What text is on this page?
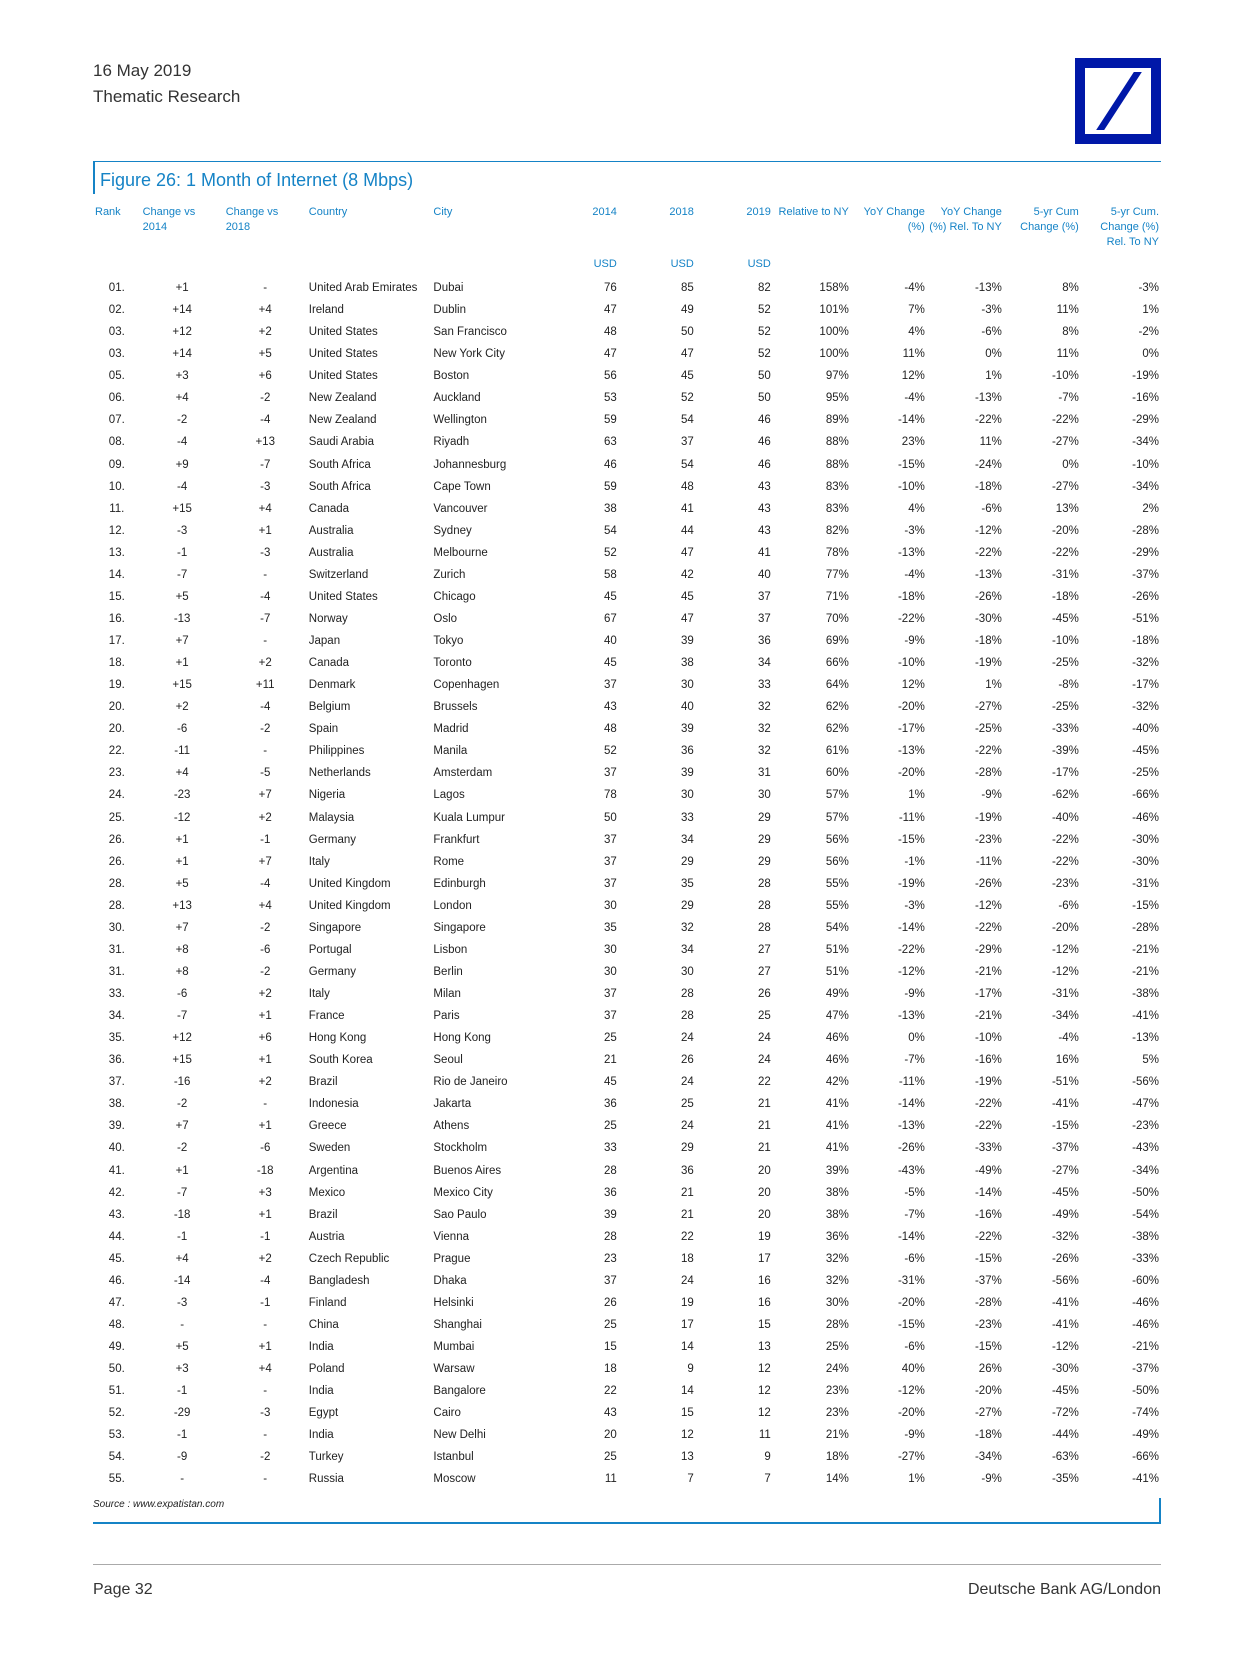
16 May 2019
Thematic Research
Figure 26: 1 Month of Internet (8 Mbps)
Rank	Change vs 2014	Change vs 2018	Country	City	2014	2018	2019	Relative to NY	YoY Change (%)	YoY Change (%) Rel. To NY	5-yr Cum Change (%)	5-yr Cum. Change (%) Rel. To NY
					USD	USD	USD					
01.	+1	-	United Arab Emirates	Dubai	76	85	82	158%	-4%	-13%	8%	-3%
02.	+14	+4	Ireland	Dublin	47	49	52	101%	7%	-3%	11%	1%
03.	+12	+2	United States	San Francisco	48	50	52	100%	4%	-6%	8%	-2%
03.	+14	+5	United States	New York City	47	47	52	100%	11%	0%	11%	0%
05.	+3	+6	United States	Boston	56	45	50	97%	12%	1%	-10%	-19%
06.	+4	-2	New Zealand	Auckland	53	52	50	95%	-4%	-13%	-7%	-16%
07.	-2	-4	New Zealand	Wellington	59	54	46	89%	-14%	-22%	-22%	-29%
08.	-4	+13	Saudi Arabia	Riyadh	63	37	46	88%	23%	11%	-27%	-34%
09.	+9	-7	South Africa	Johannesburg	46	54	46	88%	-15%	-24%	0%	-10%
10.	-4	-3	South Africa	Cape Town	59	48	43	83%	-10%	-18%	-27%	-34%
11.	+15	+4	Canada	Vancouver	38	41	43	83%	4%	-6%	13%	2%
12.	-3	+1	Australia	Sydney	54	44	43	82%	-3%	-12%	-20%	-28%
13.	-1	-3	Australia	Melbourne	52	47	41	78%	-13%	-22%	-22%	-29%
14.	-7	-	Switzerland	Zurich	58	42	40	77%	-4%	-13%	-31%	-37%
15.	+5	-4	United States	Chicago	45	45	37	71%	-18%	-26%	-18%	-26%
16.	-13	-7	Norway	Oslo	67	47	37	70%	-22%	-30%	-45%	-51%
17.	+7	-	Japan	Tokyo	40	39	36	69%	-9%	-18%	-10%	-18%
18.	+1	+2	Canada	Toronto	45	38	34	66%	-10%	-19%	-25%	-32%
19.	+15	+11	Denmark	Copenhagen	37	30	33	64%	12%	1%	-8%	-17%
20.	+2	-4	Belgium	Brussels	43	40	32	62%	-20%	-27%	-25%	-32%
20.	-6	-2	Spain	Madrid	48	39	32	62%	-17%	-25%	-33%	-40%
22.	-11	-	Philippines	Manila	52	36	32	61%	-13%	-22%	-39%	-45%
23.	+4	-5	Netherlands	Amsterdam	37	39	31	60%	-20%	-28%	-17%	-25%
24.	-23	+7	Nigeria	Lagos	78	30	30	57%	1%	-9%	-62%	-66%
25.	-12	+2	Malaysia	Kuala Lumpur	50	33	29	57%	-11%	-19%	-40%	-46%
26.	+1	-1	Germany	Frankfurt	37	34	29	56%	-15%	-23%	-22%	-30%
26.	+1	+7	Italy	Rome	37	29	29	56%	-1%	-11%	-22%	-30%
28.	+5	-4	United Kingdom	Edinburgh	37	35	28	55%	-19%	-26%	-23%	-31%
28.	+13	+4	United Kingdom	London	30	29	28	55%	-3%	-12%	-6%	-15%
30.	+7	-2	Singapore	Singapore	35	32	28	54%	-14%	-22%	-20%	-28%
31.	+8	-6	Portugal	Lisbon	30	34	27	51%	-22%	-29%	-12%	-21%
31.	+8	-2	Germany	Berlin	30	30	27	51%	-12%	-21%	-12%	-21%
33.	-6	+2	Italy	Milan	37	28	26	49%	-9%	-17%	-31%	-38%
34.	-7	+1	France	Paris	37	28	25	47%	-13%	-21%	-34%	-41%
35.	+12	+6	Hong Kong	Hong Kong	25	24	24	46%	0%	-10%	-4%	-13%
36.	+15	+1	South Korea	Seoul	21	26	24	46%	-7%	-16%	16%	5%
37.	-16	+2	Brazil	Rio de Janeiro	45	24	22	42%	-11%	-19%	-51%	-56%
38.	-2	-	Indonesia	Jakarta	36	25	21	41%	-14%	-22%	-41%	-47%
39.	+7	+1	Greece	Athens	25	24	21	41%	-13%	-22%	-15%	-23%
40.	-2	-6	Sweden	Stockholm	33	29	21	41%	-26%	-33%	-37%	-43%
41.	+1	-18	Argentina	Buenos Aires	28	36	20	39%	-43%	-49%	-27%	-34%
42.	-7	+3	Mexico	Mexico City	36	21	20	38%	-5%	-14%	-45%	-50%
43.	-18	+1	Brazil	Sao Paulo	39	21	20	38%	-7%	-16%	-49%	-54%
44.	-1	-1	Austria	Vienna	28	22	19	36%	-14%	-22%	-32%	-38%
45.	+4	+2	Czech Republic	Prague	23	18	17	32%	-6%	-15%	-26%	-33%
46.	-14	-4	Bangladesh	Dhaka	37	24	16	32%	-31%	-37%	-56%	-60%
47.	-3	-1	Finland	Helsinki	26	19	16	30%	-20%	-28%	-41%	-46%
48.	-	-	China	Shanghai	25	17	15	28%	-15%	-23%	-41%	-46%
49.	+5	+1	India	Mumbai	15	14	13	25%	-6%	-15%	-12%	-21%
50.	+3	+4	Poland	Warsaw	18	9	12	24%	40%	26%	-30%	-37%
51.	-1	-	India	Bangalore	22	14	12	23%	-12%	-20%	-45%	-50%
52.	-29	-3	Egypt	Cairo	43	15	12	23%	-20%	-27%	-72%	-74%
53.	-1	-	India	New Delhi	20	12	11	21%	-9%	-18%	-44%	-49%
54.	-9	-2	Turkey	Istanbul	25	13	9	18%	-27%	-34%	-63%	-66%
55.	-	-	Russia	Moscow	11	7	7	14%	1%	-9%	-35%	-41%
Source : www.expatistan.com
Page 32	Deutsche Bank AG/London
